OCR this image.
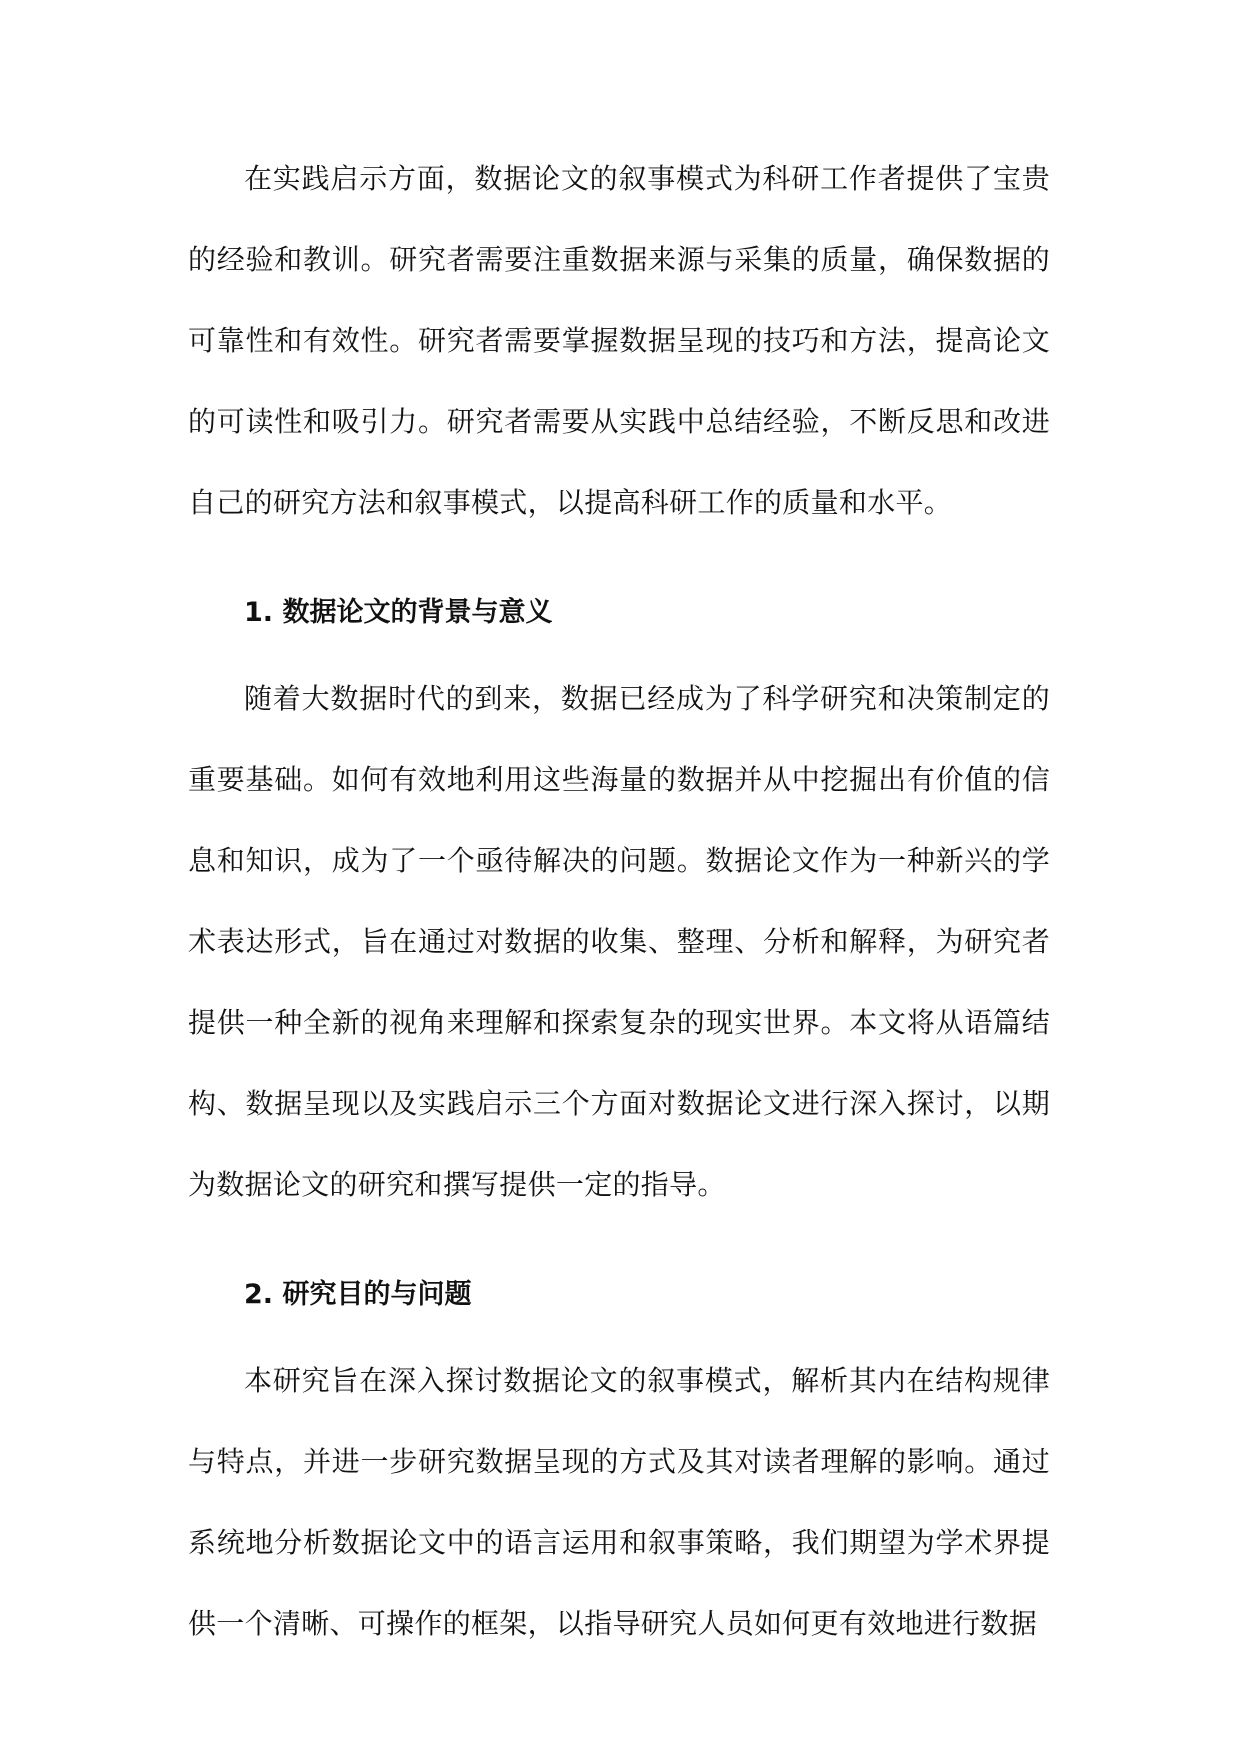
在实践启示方面，数据论文的叙事模式为科研工作者提供了宝贵的经验和教训。研究者需要注重数据来源与采集的质量，确保数据的可靠性和有效性。研究者需要掌握数据呈现的技巧和方法，提高论文的可读性和吸引力。研究者需要从实践中总结经验，不断反思和改进自己的研究方法和叙事模式，以提高科研工作的质量和水平。

1. 数据论文的背景与意义

随着大数据时代的到来，数据已经成为了科学研究和决策制定的重要基础。如何有效地利用这些海量的数据并从中挖掘出有价值的信息和知识，成为了一个亟待解决的问题。数据论文作为一种新兴的学术表达形式，旨在通过对数据的收集、整理、分析和解释，为研究者提供一种全新的视角来理解和探索复杂的现实世界。本文将从语篇结构、数据呈现以及实践启示三个方面对数据论文进行深入探讨，以期为数据论文的研究和撰写提供一定的指导。

2. 研究目的与问题

本研究旨在深入探讨数据论文的叙事模式，解析其内在结构规律与特点，并进一步研究数据呈现的方式及其对读者理解的影响。通过系统地分析数据论文中的语言运用和叙事策略，我们期望为学术界提供一个清晰、可操作的框架，以指导研究人员如何更有效地进行数据
